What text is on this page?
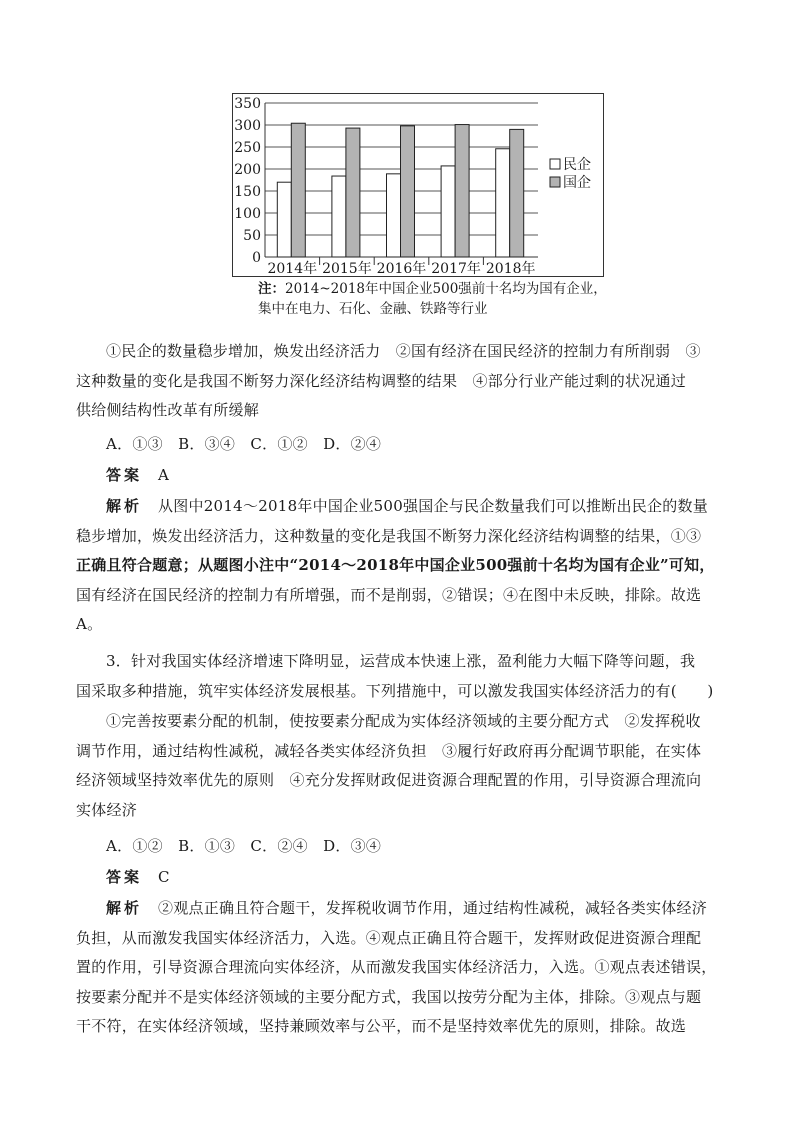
0
50
100
150
200
250
300
350
2014年 2015年 2016年 2017年 2018年
民企
国企
注：2014~2018年中国企业500强前十名均为国有企业，
集中在电力、石化、金融、铁路等行业

①民企的数量稳步增加，焕发出经济活力　②国有经济在国民经济的控制力有所削弱　③
这种数量的变化是我国不断努力深化经济结构调整的结果　④部分行业产能过剩的状况通过
供给侧结构性改革有所缓解

A．①③　B．③④　C．①②　D．②④

答案 A

解析 从图中2014～2018年中国企业500强国企与民企数量我们可以推断出民企的数量
稳步增加，焕发出经济活力，这种数量的变化是我国不断努力深化经济结构调整的结果，①③
正确且符合题意；从题图小注中“2014～2018年中国企业500强前十名均为国有企业”可知，
国有经济在国民经济的控制力有所增强，而不是削弱，②错误；④在图中未反映，排除。故选
A。

3．针对我国实体经济增速下降明显，运营成本快速上涨，盈利能力大幅下降等问题，我
国采取多种措施，筑牢实体经济发展根基。下列措施中，可以激发我国实体经济活力的有(　　)

①完善按要素分配的机制，使按要素分配成为实体经济领域的主要分配方式　②发挥税收
调节作用，通过结构性减税，减轻各类实体经济负担　③履行好政府再分配调节职能，在实体
经济领域坚持效率优先的原则　④充分发挥财政促进资源合理配置的作用，引导资源合理流向
实体经济

A．①②　B．①③　C．②④　D．③④

答案 C

解析 ②观点正确且符合题干，发挥税收调节作用，通过结构性减税，减轻各类实体经济
负担，从而激发我国实体经济活力，入选。④观点正确且符合题干，发挥财政促进资源合理配
置的作用，引导资源合理流向实体经济，从而激发我国实体经济活力，入选。①观点表述错误，
按要素分配并不是实体经济领域的主要分配方式，我国以按劳分配为主体，排除。③观点与题
干不符，在实体经济领域，坚持兼顾效率与公平，而不是坚持效率优先的原则，排除。故选
